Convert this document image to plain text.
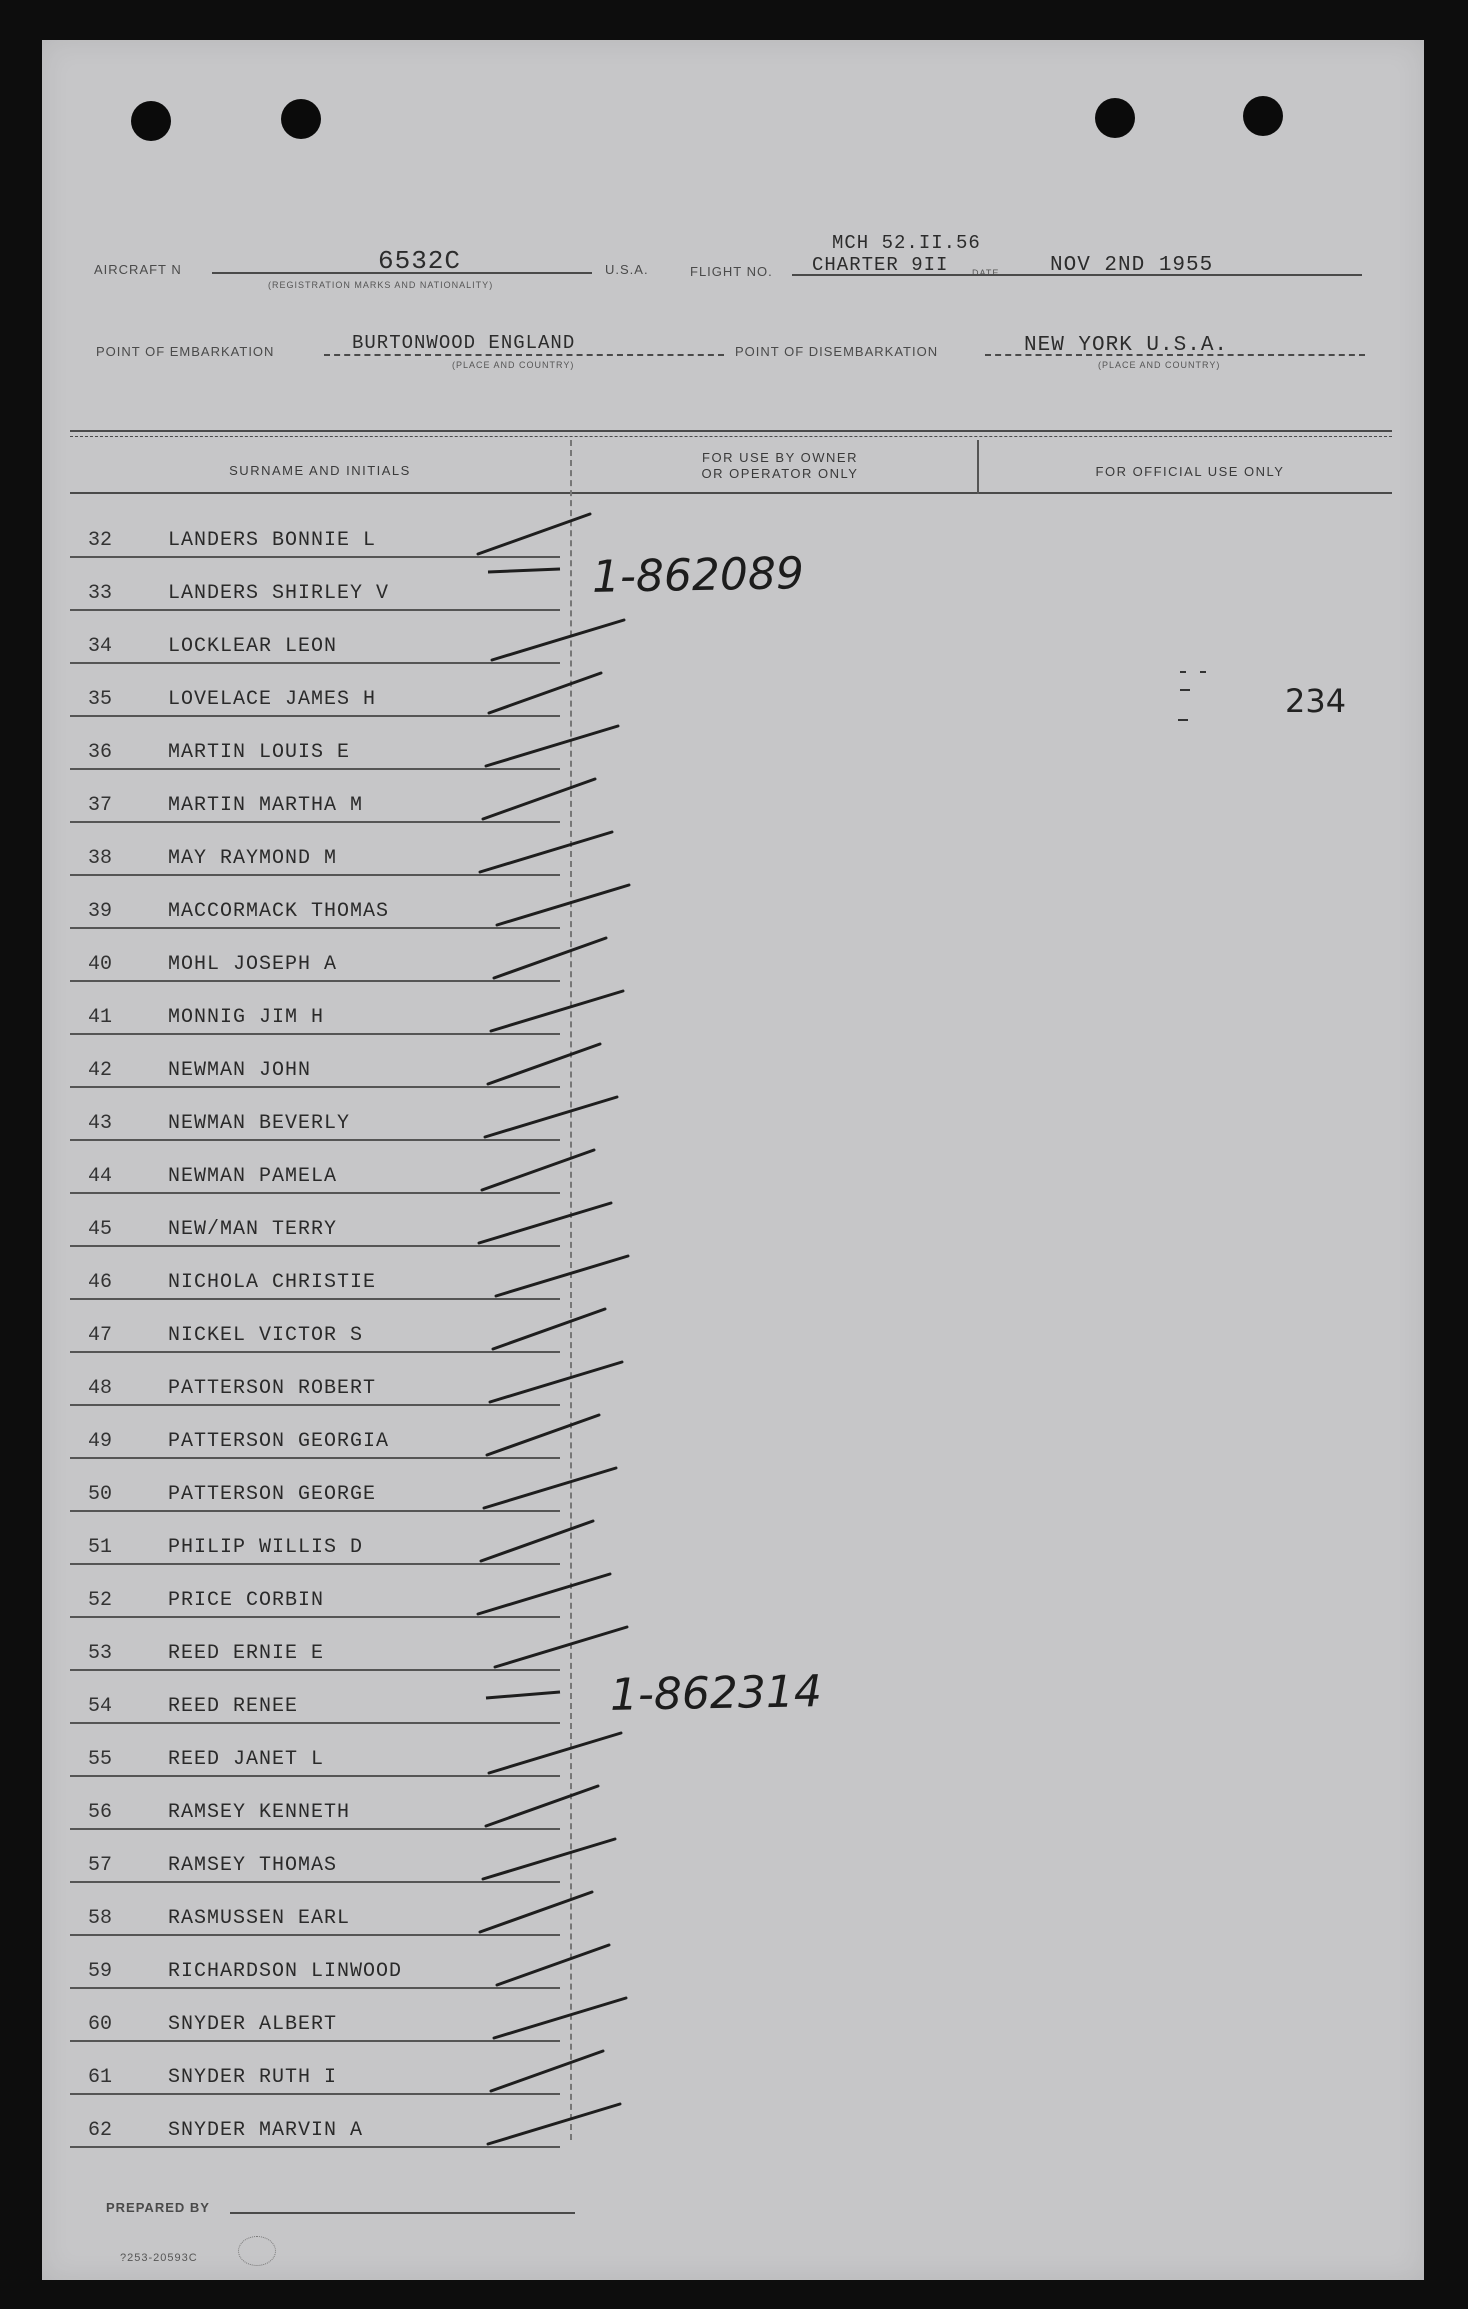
AIRCRAFT N	6532C
(REGISTRATION MARKS AND NATIONALITY)
U.S.A.	FLIGHT NO.
MCH 52.II.56
CHARTER 9II	DATE NOV 2ND 1955
POINT OF EMBARKATION	BURTONWOOD ENGLAND
(PLACE AND COUNTRY)
POINT OF DISEMBARKATION	NEW YORK U.S.A.
(PLACE AND COUNTRY)
SURNAME AND INITIALS
FOR USE BY OWNER
OR OPERATOR ONLY	FOR OFFICIAL USE ONLY
32	LANDERS BONNIE L
33	LANDERS SHIRLEY V
34	LOCKLEAR LEON
35	LOVELACE JAMES H
36	MARTIN LOUIS E
37	MARTIN MARTHA M
38	MAY RAYMOND M
39	MACCORMACK THOMAS
40	MOHL JOSEPH A
41	MONNIG JIM H
42	NEWMAN JOHN
43	NEWMAN BEVERLY
44	NEWMAN PAMELA
45	NEW/MAN TERRY
46	NICHOLA CHRISTIE
47	NICKEL VICTOR S
48	PATTERSON ROBERT
49	PATTERSON GEORGIA
50	PATTERSON GEORGE
51	PHILIP WILLIS D
52	PRICE CORBIN
53	REED ERNIE E
54	REED RENEE
55	REED JANET L
56	RAMSEY KENNETH
57	RAMSEY THOMAS
58	RASMUSSEN EARL
59	RICHARDSON LINWOOD
60	SNYDER ALBERT
61	SNYDER RUTH I
62	SNYDER MARVIN A
1-862089
1-862314
234
PREPARED BY
?253-20593C
